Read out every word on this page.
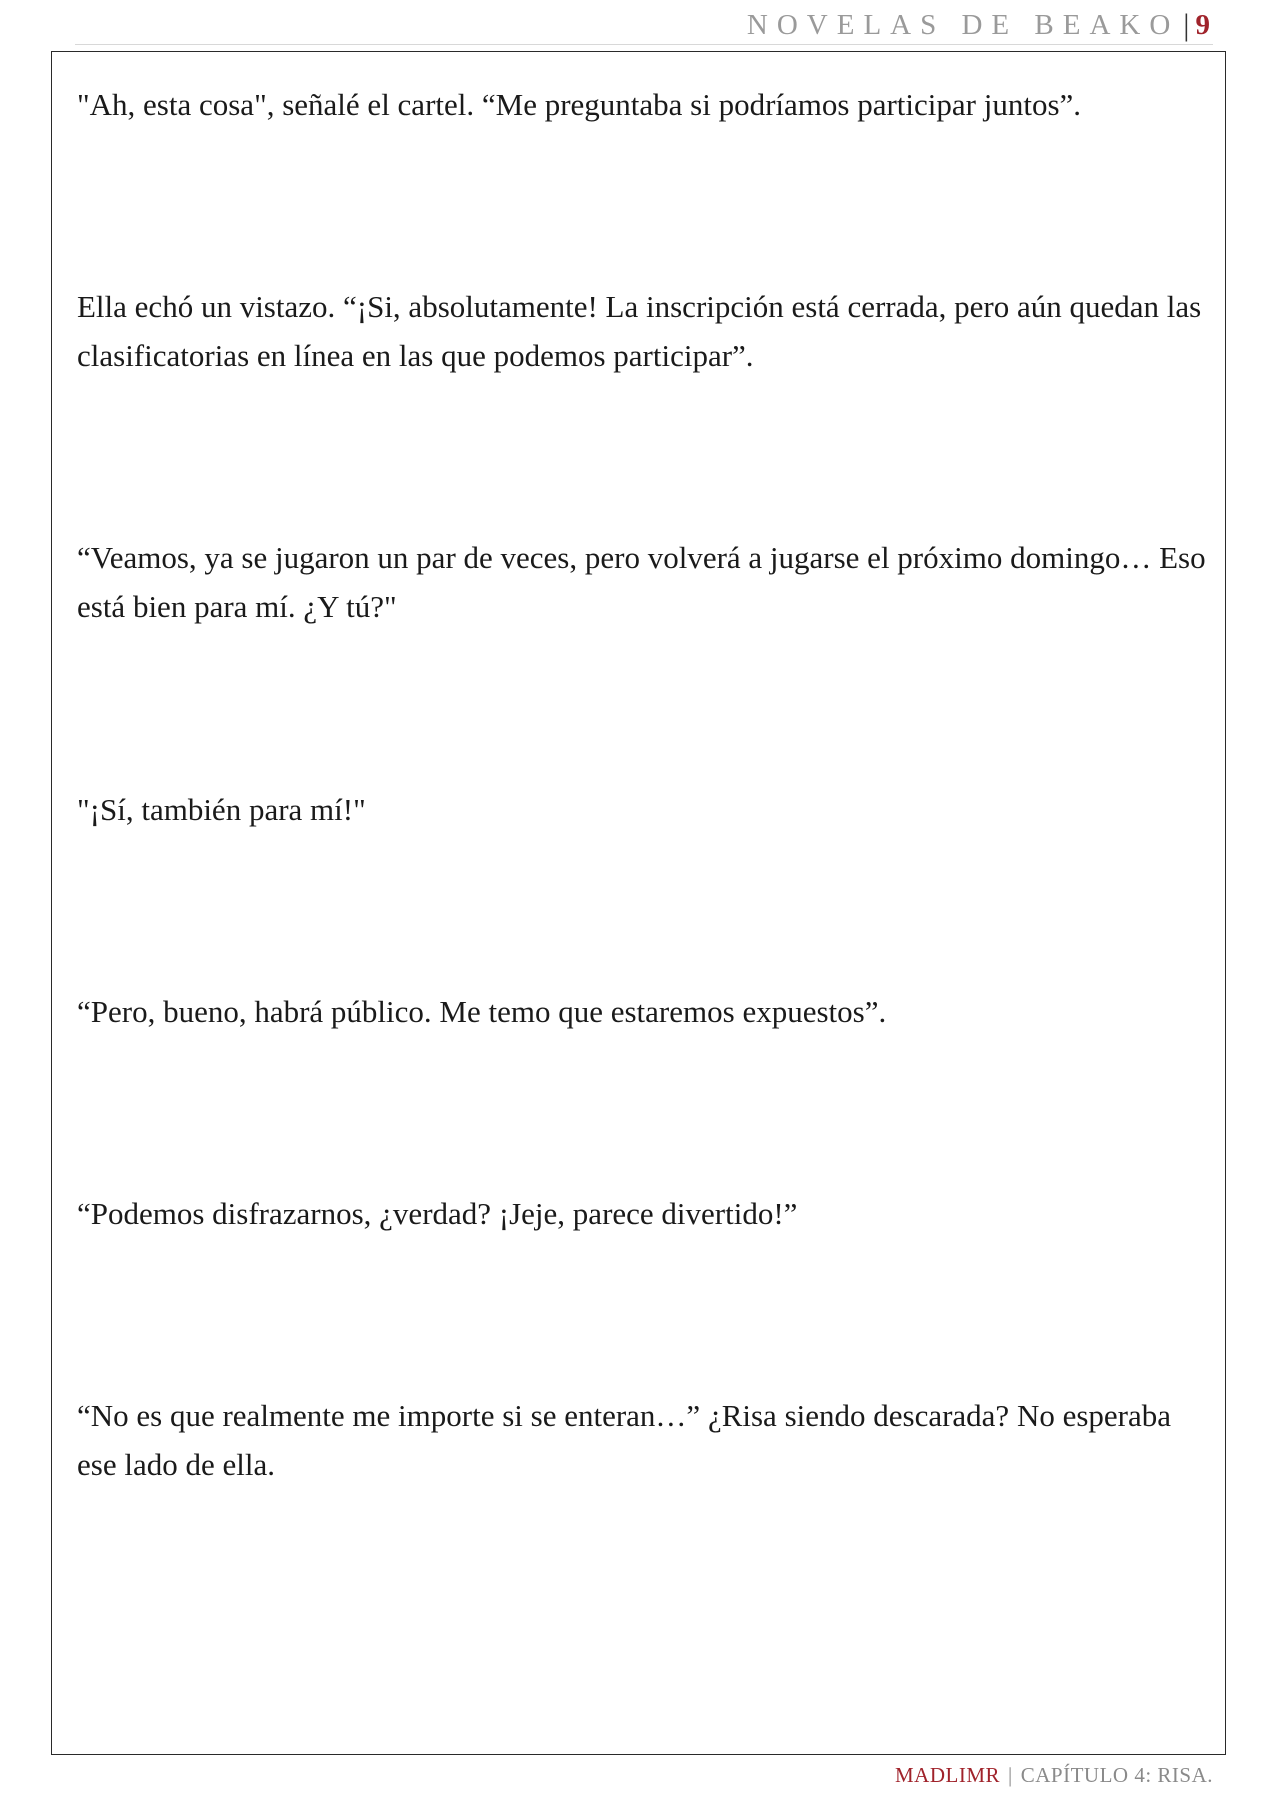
NOVELAS DE BEAKO | 9

"Ah, esta cosa", señalé el cartel. “Me preguntaba si podríamos participar juntos”.

Ella echó un vistazo. “¡Si, absolutamente! La inscripción está cerrada, pero aún quedan las clasificatorias en línea en las que podemos participar”.

“Veamos, ya se jugaron un par de veces, pero volverá a jugarse el próximo domingo… Eso está bien para mí. ¿Y tú?"

"¡Sí, también para mí!"

“Pero, bueno, habrá público. Me temo que estaremos expuestos”.

“Podemos disfrazarnos, ¿verdad? ¡Jeje, parece divertido!”

“No es que realmente me importe si se enteran…” ¿Risa siendo descarada? No esperaba ese lado de ella.

MADLIMR | CAPÍTULO 4: RISA.
